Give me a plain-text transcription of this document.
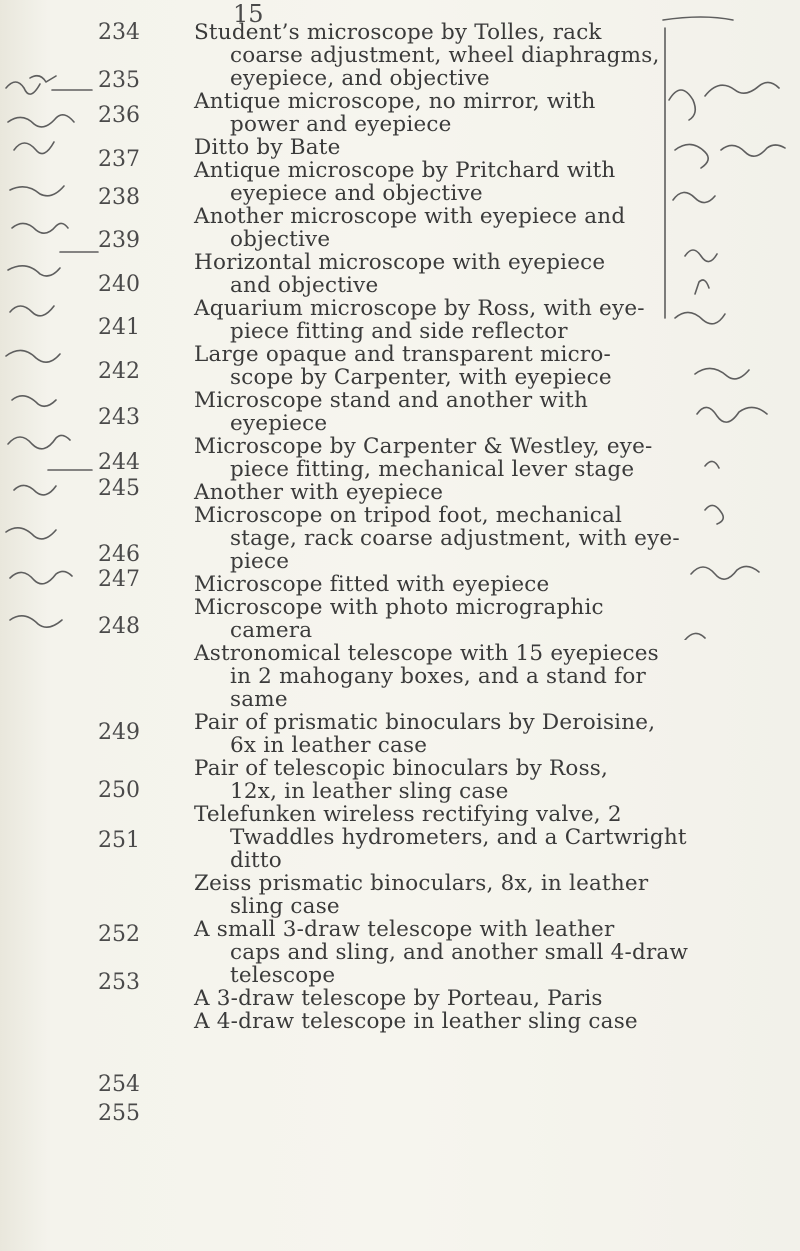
15
234
235
236
237
238
239
240
241
242
243
244
245
246
247
248
249
250
251
252
253
254
255

Student’s microscope by Tolles, rack
coarse adjustment, wheel diaphragms,
eyepiece, and objective

Antique microscope, no mirror, with
power and eyepiece

Ditto by Bate

Antique microscope by Pritchard with
eyepiece and objective

Another microscope with eyepiece and
objective

Horizontal microscope with eyepiece
and objective

Aquarium microscope by Ross, with eye-
piece fitting and side reflector

Large opaque and transparent micro-
scope by Carpenter, with eyepiece

Microscope stand and another with
eyepiece

Microscope by Carpenter & Westley, eye-
piece fitting, mechanical lever stage

Another with eyepiece

Microscope on tripod foot, mechanical
stage, rack coarse adjustment, with eye-
piece

Microscope fitted with eyepiece

Microscope with photo micrographic
camera

Astronomical telescope with 15 eyepieces
in 2 mahogany boxes, and a stand for
same

Pair of prismatic binoculars by Deroisine,
6x in leather case

Pair of telescopic binoculars by Ross,
12x, in leather sling case

Telefunken wireless rectifying valve, 2
Twaddles hydrometers, and a Cartwright
ditto

Zeiss prismatic binoculars, 8x, in leather
sling case

A small 3-draw telescope with leather
caps and sling, and another small 4-draw
telescope

A 3-draw telescope by Porteau, Paris

A 4-draw telescope in leather sling case
